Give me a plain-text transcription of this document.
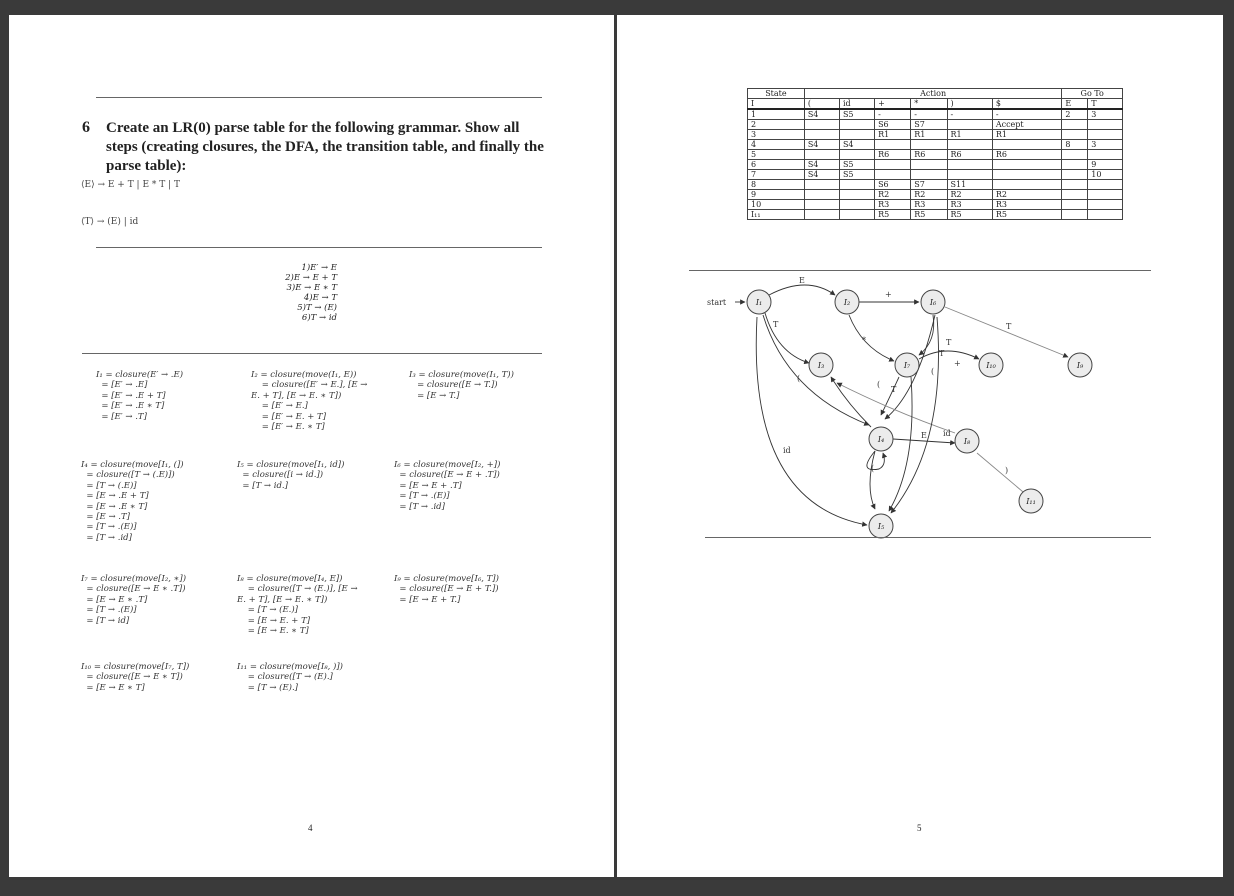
6 Create an LR(0) parse table for the following grammar. Show all steps (creating closures, the DFA, the transition table, and finally the parse table):
⟨E⟩ → E + T | E * T | T
⟨T⟩ → (E) | id
1)E′ → E
2)E → E + T
3)E → E ∗ T
4)E → T
5)T → (E)
6)T → id
I₁ = closure(E′ → .E)
= [E′ → .E]
= [E′ → .E + T]
= [E′ → .E ∗ T]
= [E′ → .T]
I₂ = closure(move(I₁, E))
= closure([E′ → E.], [E →
E. + T], [E → E. ∗ T])
= [E′ → E.]
= [E′ → E. + T]
= [E′ → E. ∗ T]
I₃ = closure(move(I₁, T))
= closure([E → T.])
= [E → T.]
I₄ = closure(move[I₁, (])
= closure([T → (.E)])
= [T → (.E)]
= [E → .E + T]
= [E → .E ∗ T]
= [E → .T]
= [T → .(E)]
= [T → .id]
I₅ = closure(move[I₁, id])
= closure([i → id.])
= [T → id.]
I₆ = closure(move[I₂, +])
= closure([E → E + .T])
= [E → E + .T]
= [T → .(E)]
= [T → .id]
I₇ = closure(move[I₂, ∗])
= closure([E → E ∗ .T])
= [E → E ∗ .T]
= [T → .(E)]
= [T → id]
I₈ = closure(move[I₄, E])
= closure([T → (E.)], [E →
E. + T], [E → E. ∗ T])
= [T → (E.)]
= [E → E. + T]
= [E → E. ∗ T]
I₉ = closure(move[I₆, T])
= closure([E → E + T.])
= [E → E + T.]
I₁₀ = closure(move[I₇, T])
= closure([E → E ∗ T])
= [E → E ∗ T]
I₁₁ = closure(move[I₈, )])
= closure([T → (E).]
= [T → (E).]
4
State	Action						Go To	
I	(	id	+	*	)	$	E	T
1	S4	S5	-	-	-	-	2	3
2			S6	S7		Accept		
3			R1	R1	R1	R1		
4	S4	S4					8	3
5			R6	R6	R6	R6		
6	S4	S5						9
7	S4	S5						10
8			S6	S7	S11			
9			R2	R2	R2	R2		
10			R3	R3	R3	R3		
I₁₁			R5	R5	R5	R5		
I₁	I₂	I₆
I₃	I₇	I₁₀	I₉
I₄	I₈
I₁₁
I₅
start
E
+
T
T
*
(
T
(
T
+
id
E
id
(
(
)
T
5
